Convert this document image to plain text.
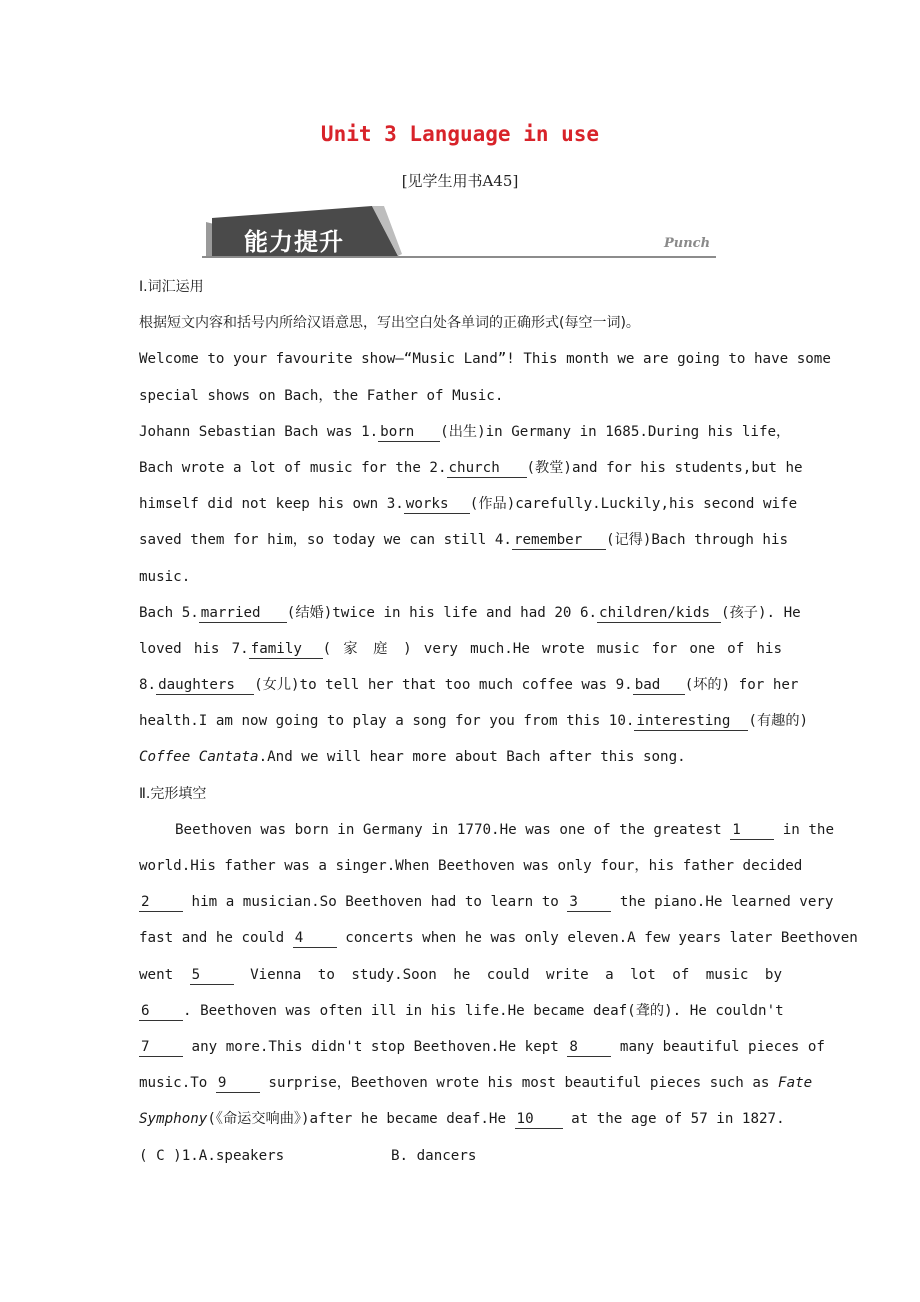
Unit 3 Language in use
[见学生用书A45]
能力提升	Punch
Ⅰ.词汇运用
根据短文内容和括号内所给汉语意思，写出空白处各单词的正确形式(每空一词)。
Welcome to your favourite show—“Music Land”! This month we are going to have some
special shows on Bach，the Father of Music.
Johann Sebastian Bach was 1. born (出生)in Germany in 1685.During his life，
Bach wrote a lot of music for the 2. church (教堂)and for his students,but he
himself did not keep his own 3. works (作品)carefully.Luckily,his second wife
saved them for him，so today we can still 4. remember (记得)Bach through his
music.
Bach 5. married (结婚)twice in his life and had 20 6. children/kids (孩子). He
loved his 7. family ( 家 庭 ) very much.He wrote music for one of his
8. daughters (女儿)to tell her that too much coffee was 9. bad (坏的) for her
health.I am now going to play a song for you from this 10. interesting (有趣的)
Coffee Cantata.And we will hear more about Bach after this song.
Ⅱ.完形填空
Beethoven was born in Germany in 1770.He was one of the greatest 1 in the
world.His father was a singer.When Beethoven was only four，his father decided
2 him a musician.So Beethoven had to learn to 3 the piano.He learned very
fast and he could 4 concerts when he was only eleven.A few years later Beethoven
went 5 Vienna to study.Soon he could write a lot of music by
6 . Beethoven was often ill in his life.He became deaf(聋的). He couldn't
7 any more.This didn't stop Beethoven.He kept 8 many beautiful pieces of
music.To 9 surprise，Beethoven wrote his most beautiful pieces such as Fate
Symphony(《命运交响曲》)after he became deaf.He 10 at the age of 57 in 1827.
( C )1.A.speakers	B. dancers
